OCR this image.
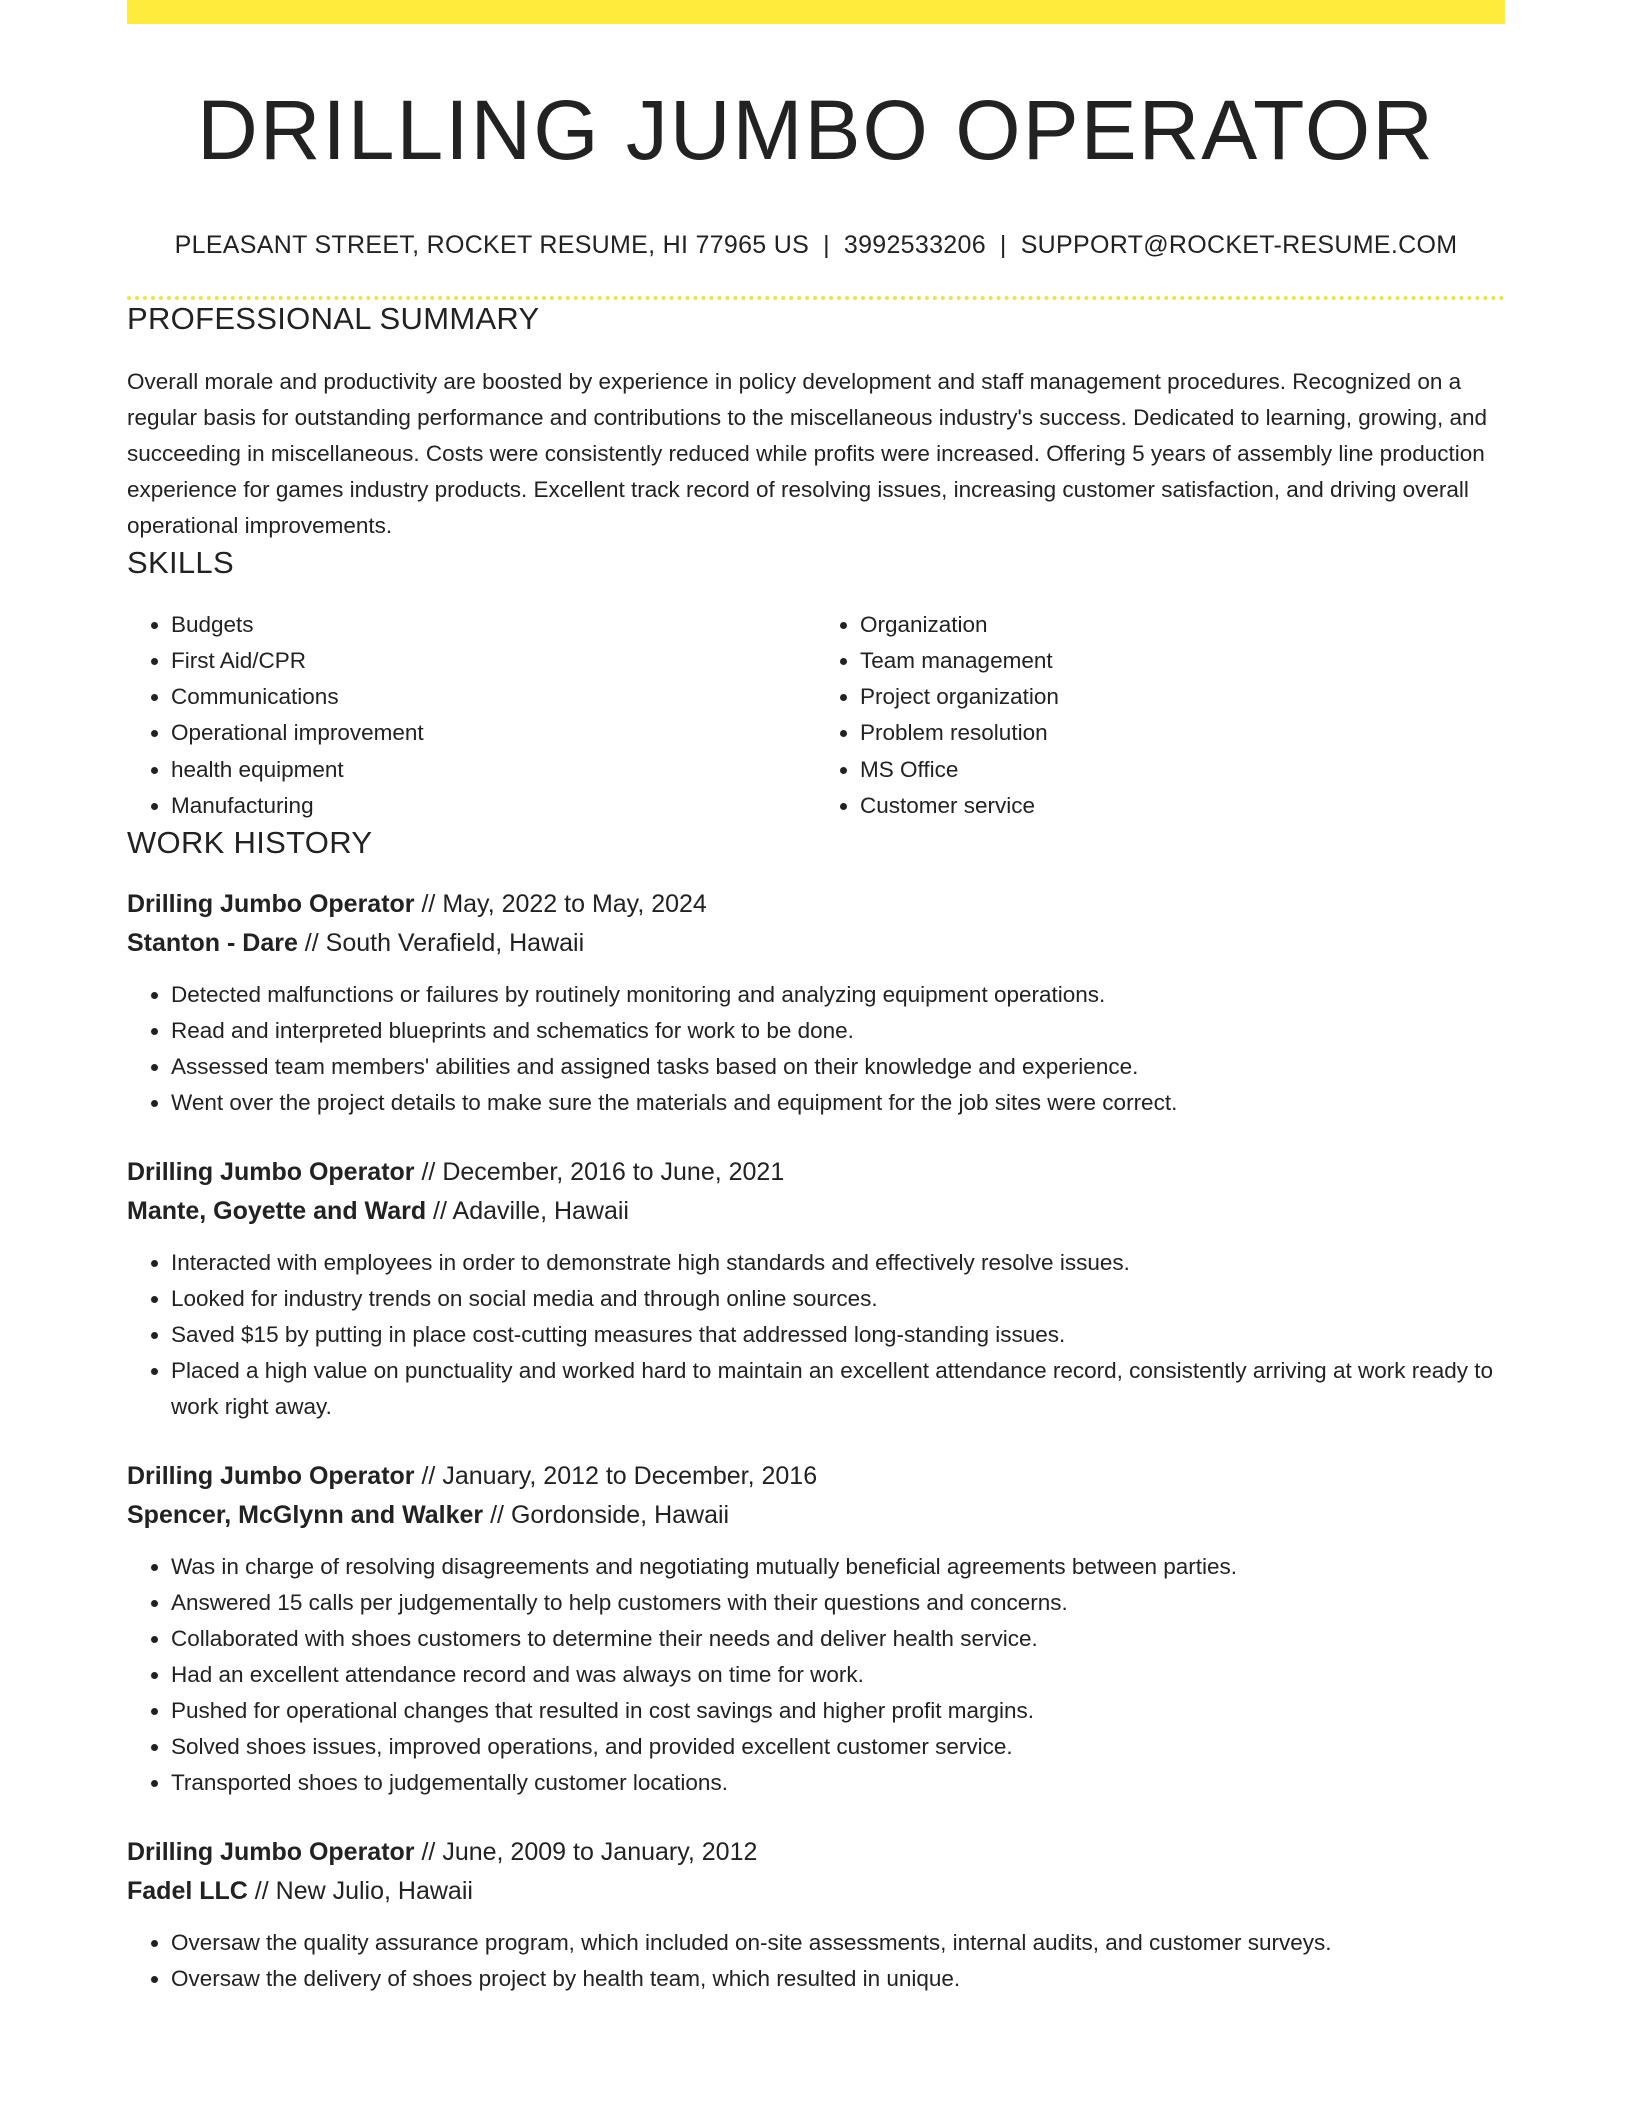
DRILLING JUMBO OPERATOR
PLEASANT STREET, ROCKET RESUME, HI 77965 US | 3992533206 | SUPPORT@ROCKET-RESUME.COM
PROFESSIONAL SUMMARY

Overall morale and productivity are boosted by experience in policy development and staff management procedures. Recognized on a regular basis for outstanding performance and contributions to the miscellaneous industry's success. Dedicated to learning, growing, and succeeding in miscellaneous. Costs were consistently reduced while profits were increased. Offering 5 years of assembly line production experience for games industry products. Excellent track record of resolving issues, increasing customer satisfaction, and driving overall operational improvements.

SKILLS
• Budgets
• First Aid/CPR
• Communications
• Operational improvement
• health equipment
• Manufacturing
• Organization
• Team management
• Project organization
• Problem resolution
• MS Office
• Customer service
WORK HISTORY
Drilling Jumbo Operator // May, 2022 to May, 2024
Stanton - Dare // South Verafield, Hawaii
• Detected malfunctions or failures by routinely monitoring and analyzing equipment operations.
• Read and interpreted blueprints and schematics for work to be done.
• Assessed team members' abilities and assigned tasks based on their knowledge and experience.
• Went over the project details to make sure the materials and equipment for the job sites were correct.
Drilling Jumbo Operator // December, 2016 to June, 2021
Mante, Goyette and Ward // Adaville, Hawaii
• Interacted with employees in order to demonstrate high standards and effectively resolve issues.
• Looked for industry trends on social media and through online sources.
• Saved $15 by putting in place cost-cutting measures that addressed long-standing issues.
• Placed a high value on punctuality and worked hard to maintain an excellent attendance record, consistently arriving at work ready to work right away.
Drilling Jumbo Operator // January, 2012 to December, 2016
Spencer, McGlynn and Walker // Gordonside, Hawaii
• Was in charge of resolving disagreements and negotiating mutually beneficial agreements between parties.
• Answered 15 calls per judgementally to help customers with their questions and concerns.
• Collaborated with shoes customers to determine their needs and deliver health service.
• Had an excellent attendance record and was always on time for work.
• Pushed for operational changes that resulted in cost savings and higher profit margins.
• Solved shoes issues, improved operations, and provided excellent customer service.
• Transported shoes to judgementally customer locations.
Drilling Jumbo Operator // June, 2009 to January, 2012
Fadel LLC // New Julio, Hawaii
• Oversaw the quality assurance program, which included on-site assessments, internal audits, and customer surveys.
• Oversaw the delivery of shoes project by health team, which resulted in unique.
